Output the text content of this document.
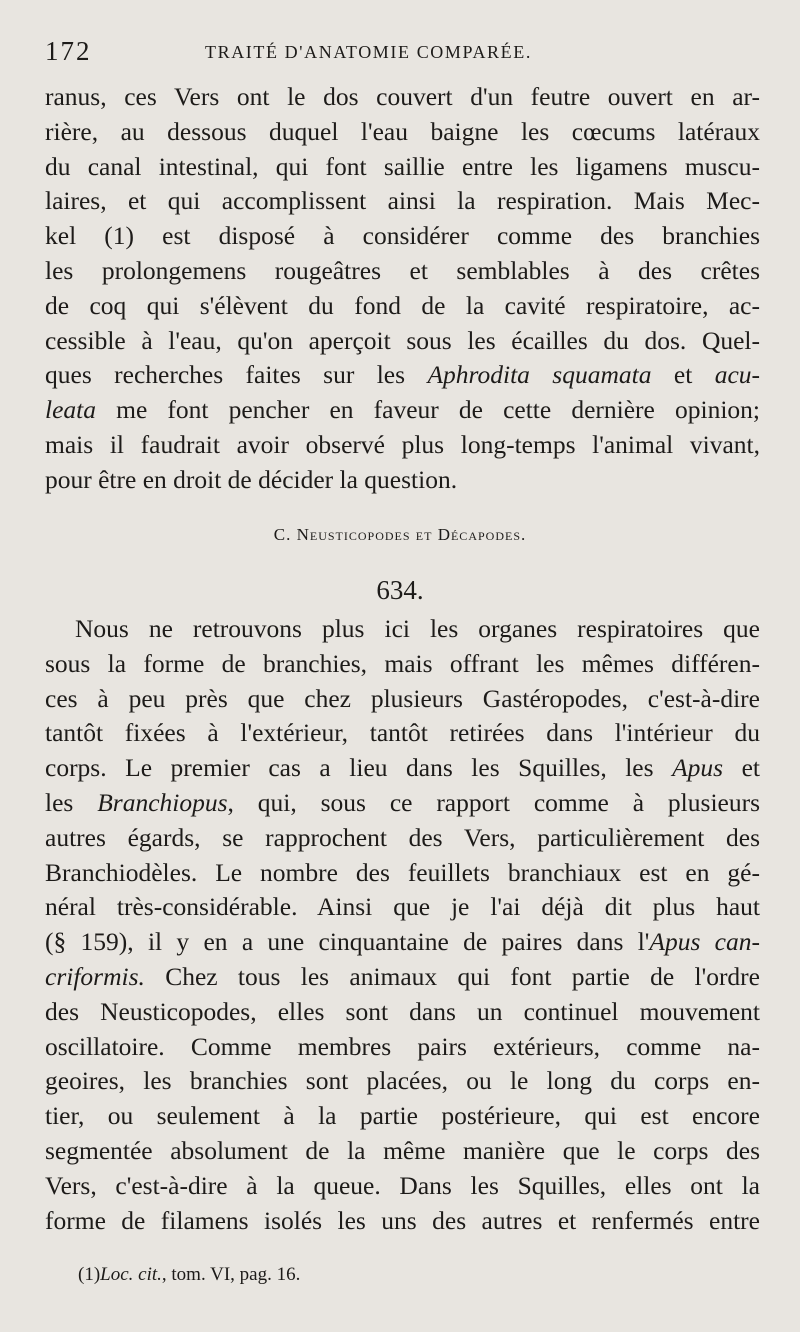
172	TRAITÉ D'ANATOMIE COMPARÉE.
ranus, ces Vers ont le dos couvert d'un feutre ouvert en ar-
rière, au dessous duquel l'eau baigne les cœcums latéraux
du canal intestinal, qui font saillie entre les ligamens muscu-
laires, et qui accomplissent ainsi la respiration. Mais Mec-
kel (1) est disposé à considérer comme des branchies
les prolongemens rougeâtres et semblables à des crêtes
de coq qui s'élèvent du fond de la cavité respiratoire, ac-
cessible à l'eau, qu'on aperçoit sous les écailles du dos. Quel-
ques recherches faites sur les Aphrodita squamata et acu-
leata me font pencher en faveur de cette dernière opinion;
mais il faudrait avoir observé plus long-temps l'animal vivant,
pour être en droit de décider la question.
C. Neusticopodes et Décapodes.
634.
Nous ne retrouvons plus ici les organes respiratoires que
sous la forme de branchies, mais offrant les mêmes différen-
ces à peu près que chez plusieurs Gastéropodes, c'est-à-dire
tantôt fixées à l'extérieur, tantôt retirées dans l'intérieur du
corps. Le premier cas a lieu dans les Squilles, les Apus et
les Branchiopus, qui, sous ce rapport comme à plusieurs
autres égards, se rapprochent des Vers, particulièrement des
Branchiodèles. Le nombre des feuillets branchiaux est en gé-
néral très-considérable. Ainsi que je l'ai déjà dit plus haut
(§ 159), il y en a une cinquantaine de paires dans l'Apus can-
criformis. Chez tous les animaux qui font partie de l'ordre
des Neusticopodes, elles sont dans un continuel mouvement
oscillatoire. Comme membres pairs extérieurs, comme na-
geoires, les branchies sont placées, ou le long du corps en-
tier, ou seulement à la partie postérieure, qui est encore
segmentée absolument de la même manière que le corps des
Vers, c'est-à-dire à la queue. Dans les Squilles, elles ont la
forme de filamens isolés les uns des autres et renfermés entre
(1)Loc. cit., tom. VI, pag. 16.
